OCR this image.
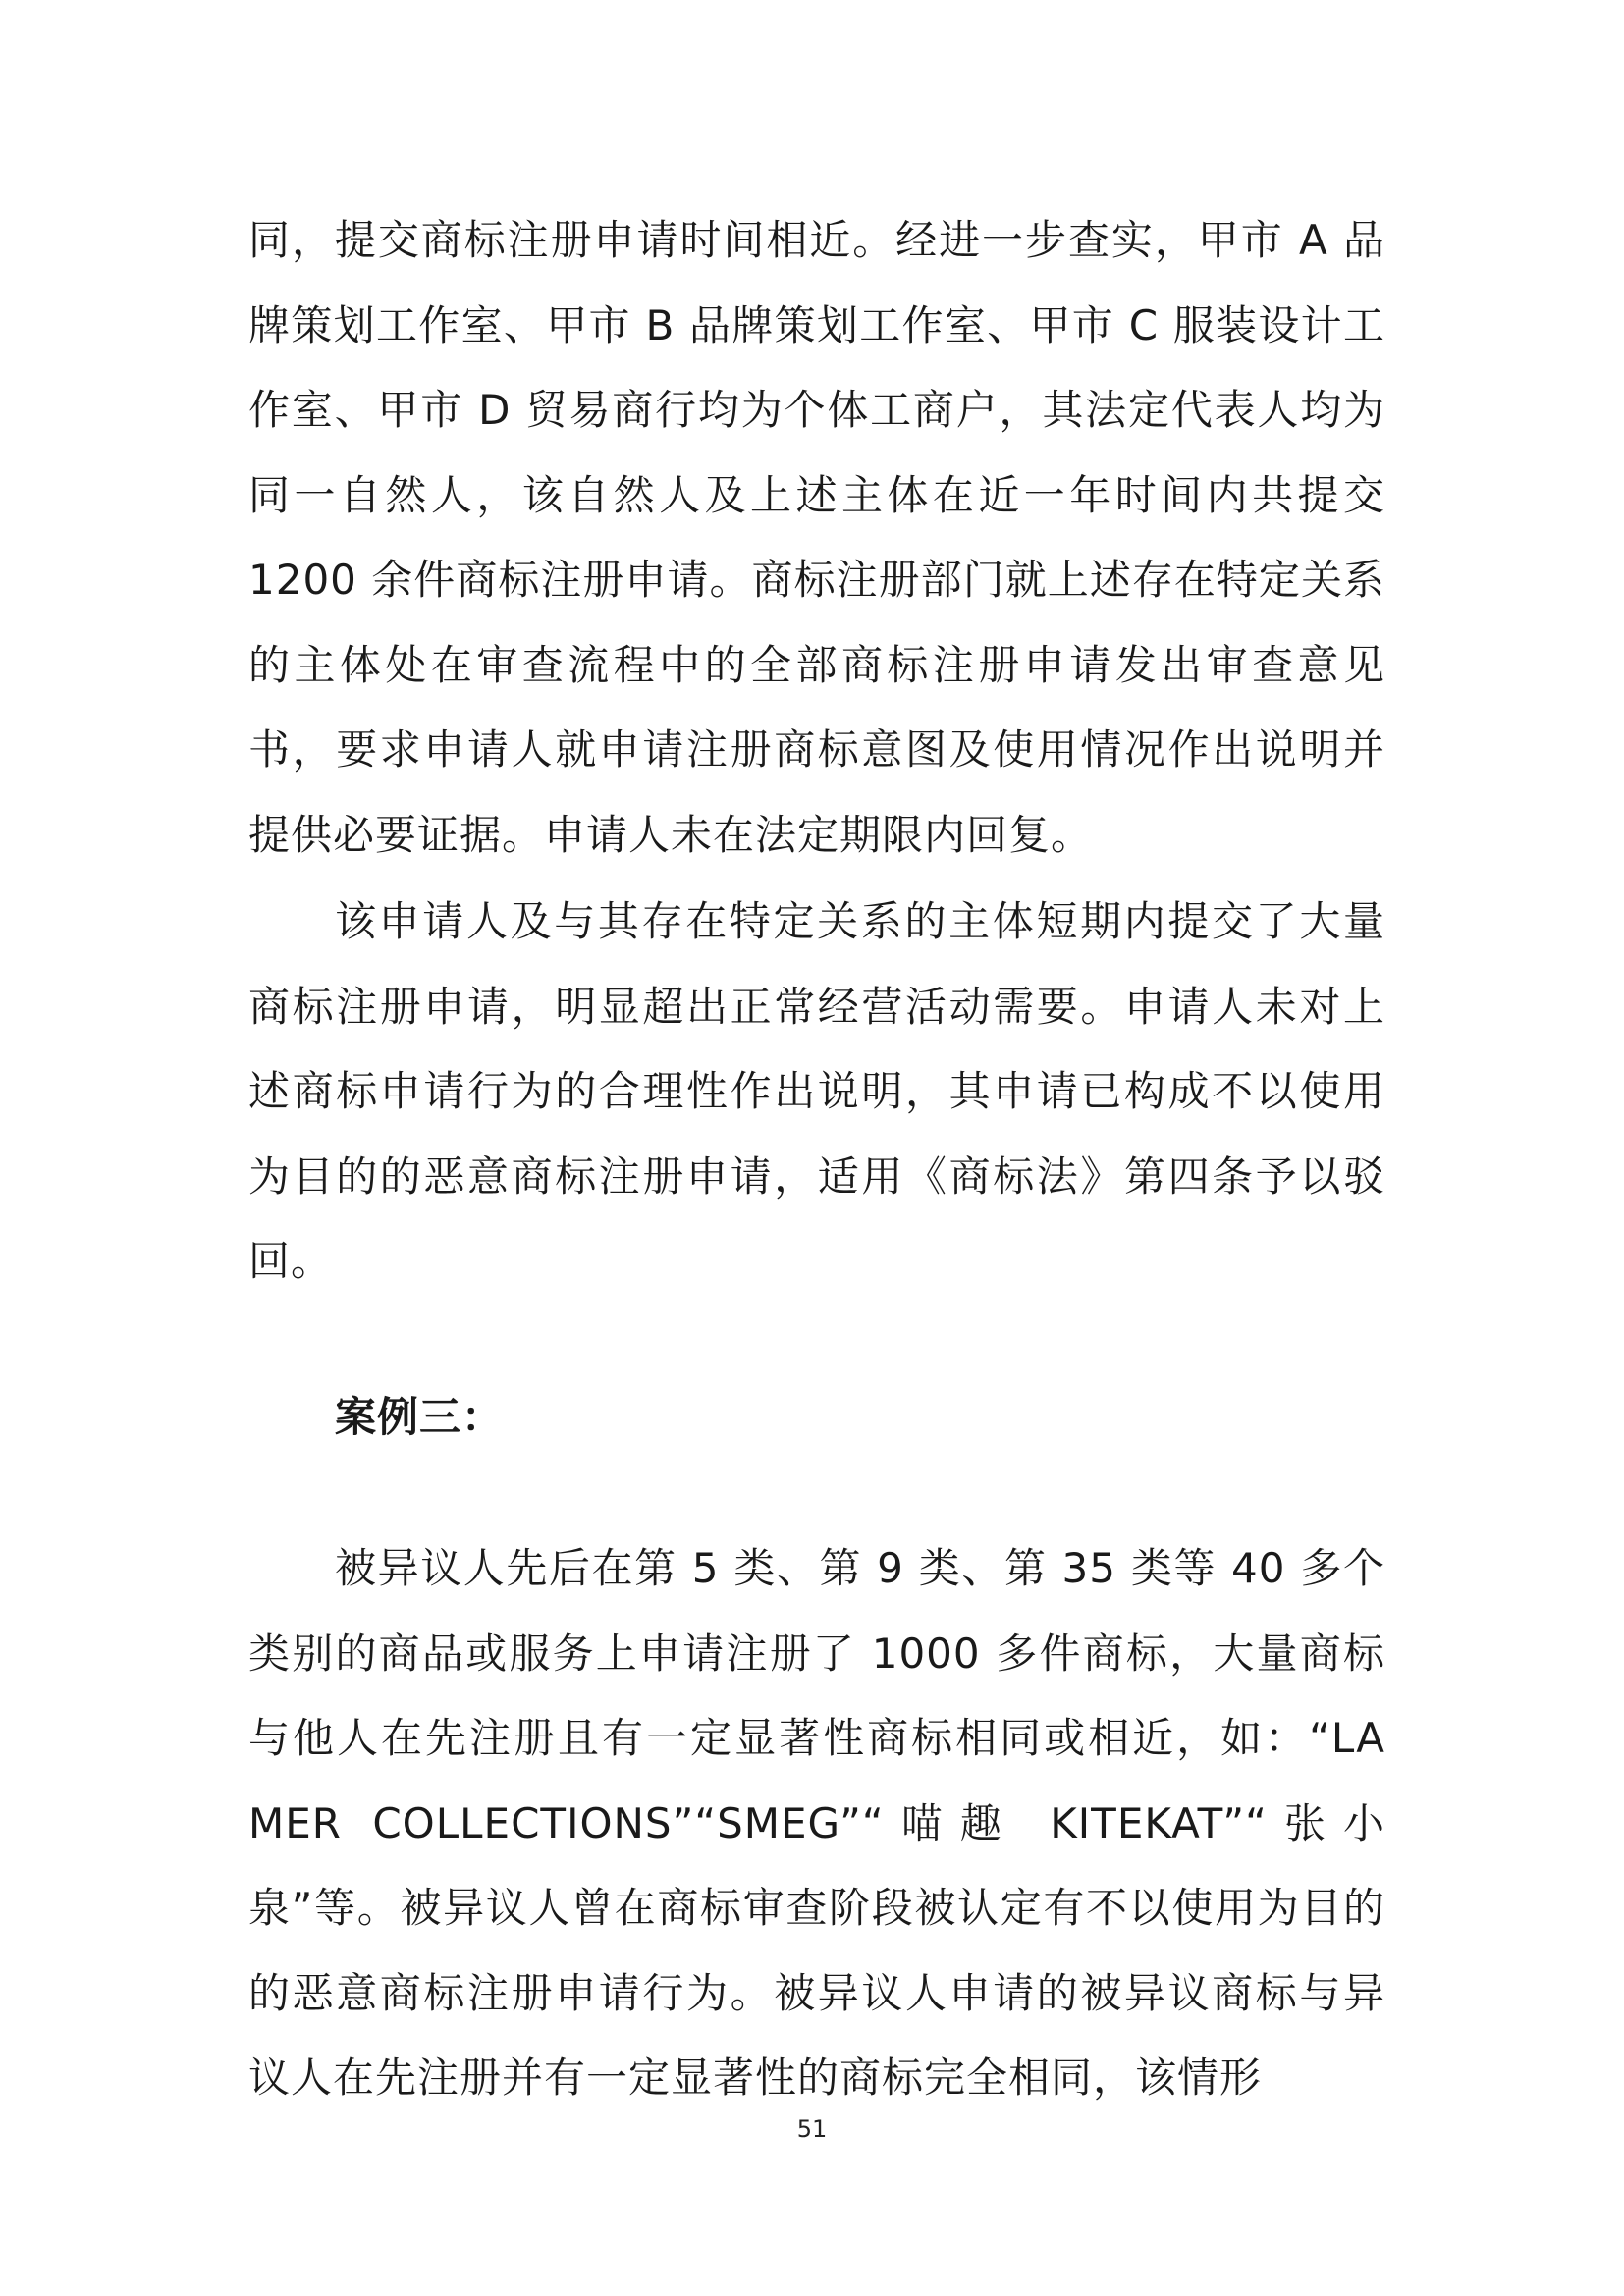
同，提交商标注册申请时间相近。经进一步查实，甲市 A 品牌策划工作室、甲市 B 品牌策划工作室、甲市 C 服装设计工作室、甲市 D 贸易商行均为个体工商户，其法定代表人均为同一自然人，该自然人及上述主体在近一年时间内共提交 1200 余件商标注册申请。商标注册部门就上述存在特定关系的主体处在审查流程中的全部商标注册申请发出审查意见书，要求申请人就申请注册商标意图及使用情况作出说明并提供必要证据。申请人未在法定期限内回复。

该申请人及与其存在特定关系的主体短期内提交了大量商标注册申请，明显超出正常经营活动需要。申请人未对上述商标申请行为的合理性作出说明，其申请已构成不以使用为目的的恶意商标注册申请，适用《商标法》第四条予以驳回。

案例三：

被异议人先后在第 5 类、第 9 类、第 35 类等 40 多个类别的商品或服务上申请注册了 1000 多件商标，大量商标与他人在先注册且有一定显著性商标相同或相近，如：“LA MER COLLECTIONS”“SMEG”“喵趣 KITEKAT”“张小泉”等。被异议人曾在商标审查阶段被认定有不以使用为目的的恶意商标注册申请行为。被异议人申请的被异议商标与异议人在先注册并有一定显著性的商标完全相同，该情形

51
